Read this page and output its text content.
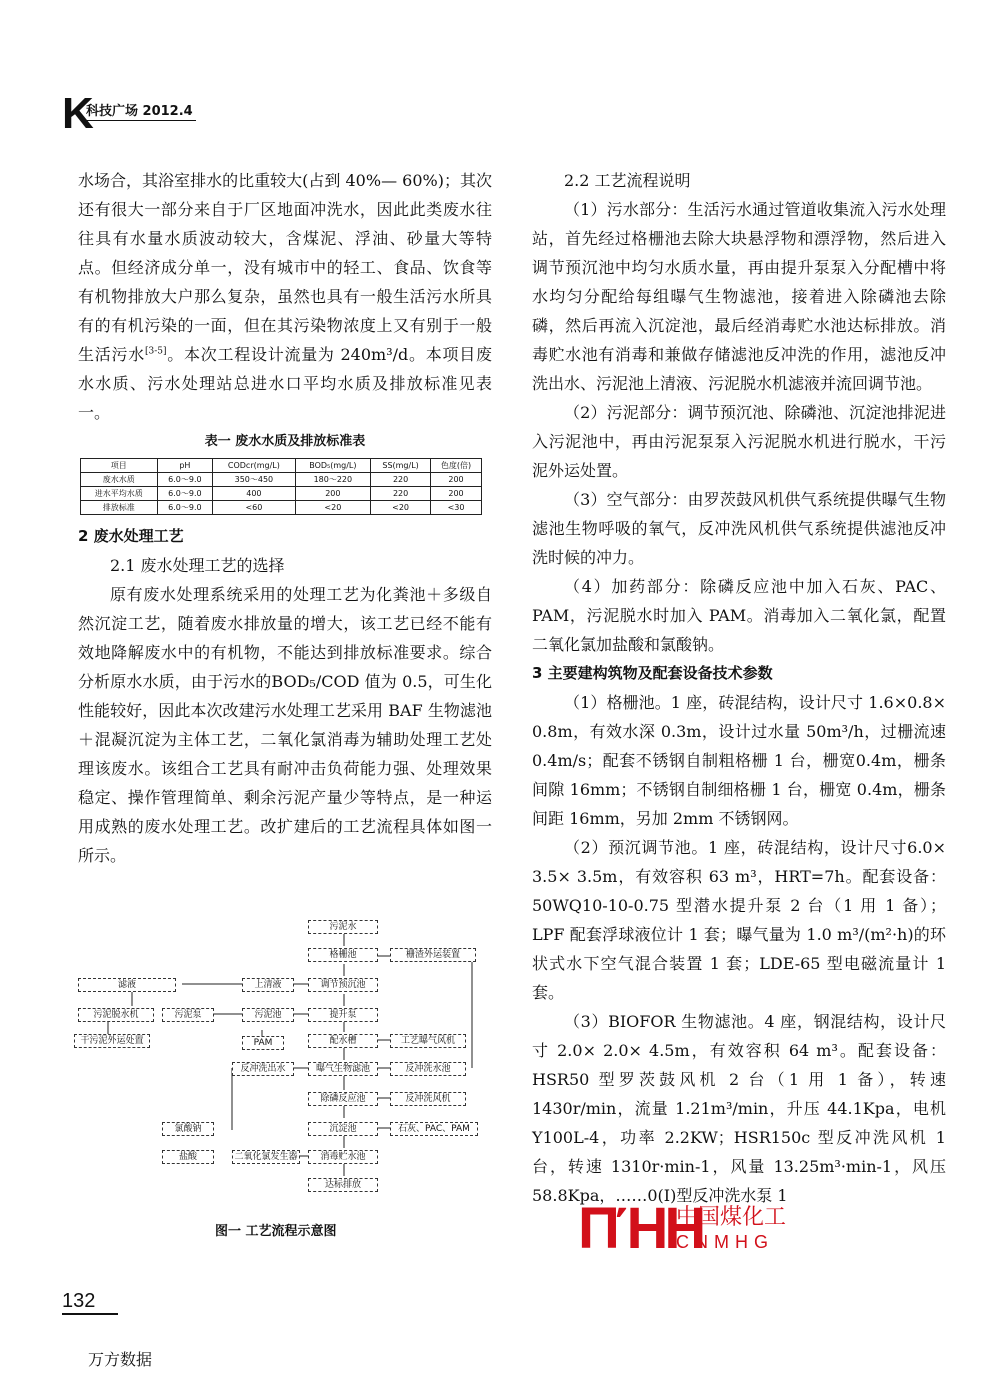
K
科技广场 2012.4

水场合，其浴室排水的比重较大(占到 40%— 60%)；其次还有很大一部分来自于厂区地面冲洗水，因此此类废水往往具有水量水质波动较大，含煤泥、浮油、砂量大等特点。但经济成分单一，没有城市中的轻工、食品、饮食等有机物排放大户那么复杂，虽然也具有一般生活污水所具有的有机污染的一面，但在其污染物浓度上又有别于一般生活污水[3-5]。本次工程设计流量为 240m³/d。本项目废水水质、污水处理站总进水口平均水质及排放标准见表一。

表一 废水水质及排放标准表
项目	pH	CODcr(mg/L)	BOD₅(mg/L)	SS(mg/L)	色度(倍)
废水水质	6.0～9.0	350～450	180～220	220	200
进水平均水质	6.0～9.0	400	200	220	200
排放标准	6.0～9.0	<60	<20	<20	<30

2 废水处理工艺

2.1 废水处理工艺的选择

原有废水处理系统采用的处理工艺为化粪池＋多级自然沉淀工艺，随着废水排放量的增大，该工艺已经不能有效地降解废水中的有机物，不能达到排放标准要求。综合分析原水水质，由于污水的BOD₅/COD 值为 0.5，可生化性能较好，因此本次改建污水处理工艺采用 BAF 生物滤池＋混凝沉淀为主体工艺，二氧化氯消毒为辅助处理工艺处理该废水。该组合工艺具有耐冲击负荷能力强、处理效果稳定、操作管理简单、剩余污泥产量少等特点，是一种运用成熟的废水处理工艺。改扩建后的工艺流程具体如图一所示。

污泥水
格栅池	栅渣外运装置
调节预沉池
滤液	上清液
污泥脱水机	污泥泵	污泥池	提升泵
干污泥外运处置	PAM	配水槽	工艺曝气风机
反冲洗出水	曝气生物滤池	反冲洗水池
除磷反应池	反冲洗风机
氯酸钠	沉淀池	石灰、PAC、PAM
盐酸	二氧化氯发生器	消毒贮水池
达标排放
图一 工艺流程示意图

2.2 工艺流程说明

（1）污水部分：生活污水通过管道收集流入污水处理站，首先经过格栅池去除大块悬浮物和漂浮物，然后进入调节预沉池中均匀水质水量，再由提升泵泵入分配槽中将水均匀分配给每组曝气生物滤池，接着进入除磷池去除磷，然后再流入沉淀池，最后经消毒贮水池达标排放。消毒贮水池有消毒和兼做存储滤池反冲洗的作用，滤池反冲洗出水、污泥池上清液、污泥脱水机滤液并流回调节池。

（2）污泥部分：调节预沉池、除磷池、沉淀池排泥进入污泥池中，再由污泥泵泵入污泥脱水机进行脱水，干污泥外运处置。

（3）空气部分：由罗茨鼓风机供气系统提供曝气生物滤池生物呼吸的氧气，反冲洗风机供气系统提供滤池反冲洗时候的冲力。

（4）加药部分：除磷反应池中加入石灰、PAC、PAM，污泥脱水时加入 PAM。消毒加入二氧化氯，配置二氧化氯加盐酸和氯酸钠。

3 主要建构筑物及配套设备技术参数

（1）格栅池。1 座，砖混结构，设计尺寸 1.6×0.8× 0.8m，有效水深 0.3m，设计过水量 50m³/h，过栅流速 0.4m/s；配套不锈钢自制粗格栅 1 台，栅宽0.4m，栅条间隙 16mm；不锈钢自制细格栅 1 台，栅宽 0.4m，栅条间距 16mm，另加 2mm 不锈钢网。

（2）预沉调节池。1 座，砖混结构，设计尺寸6.0× 3.5× 3.5m，有效容积 63 m³，HRT=7h。配套设备：50WQ10-10-0.75 型潜水提升泵 2 台（1 用 1 备）；LPF 配套浮球液位计 1 套；曝气量为 1.0 m³/(m²·h)的环状式水下空气混合装置 1 套；LDE-65 型电磁流量计 1 套。

（3）BIOFOR 生物滤池。4 座，钢混结构，设计尺寸 2.0× 2.0× 4.5m，有效容积 64 m³。配套设备：HSR50 型罗茨鼓风机 2 台（1 用 1 备），转速1430r/min，流量 1.21m³/min，升压 44.1Kpa，电机Y100L-4，功率 2.2KW；HSR150c 型反冲洗风机 1台，转速 1310r·min-1，风量 13.25m³·min-1，风压58.8Kpa，……0(I)型反冲洗水泵 1

ΠΉΗ
中国煤化工
CNMHG
132
万方数据
